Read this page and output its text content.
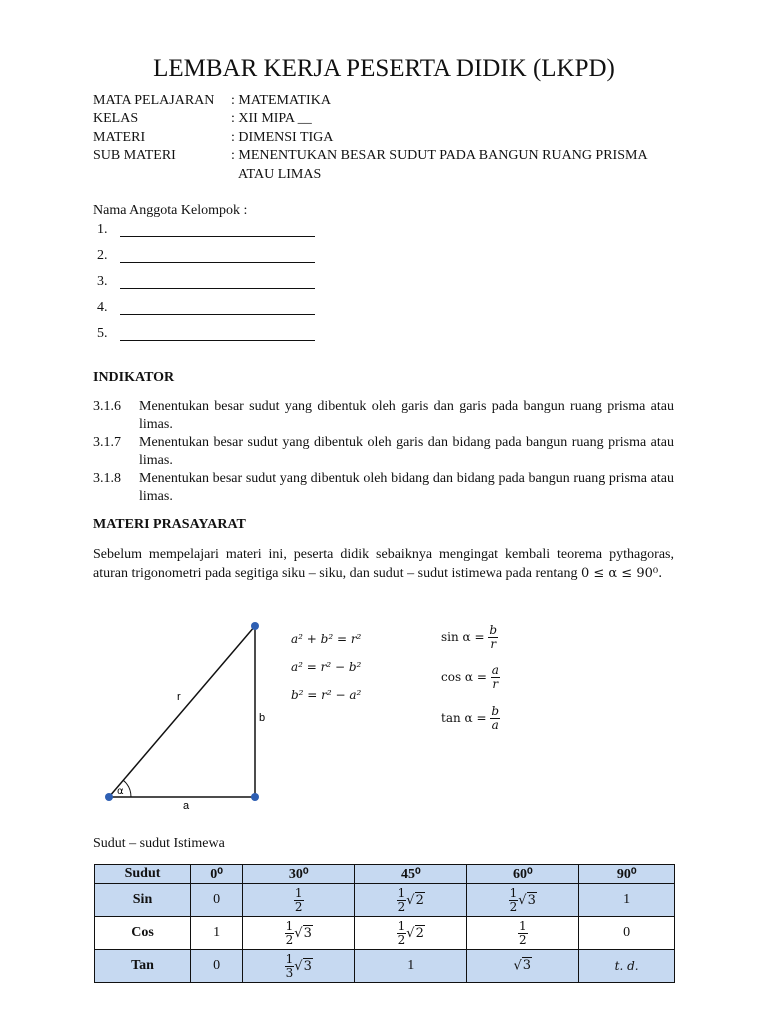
LEMBAR KERJA PESERTA DIDIK (LKPD)
MATA PELAJARAN : MATEMATIKA
KELAS	: XII MIPA __
MATERI	: DIMENSI TIGA
SUB MATERI	: MENENTUKAN BESAR SUDUT PADA BANGUN RUANG PRISMA
ATAU LIMAS
Nama Anggota Kelompok :
1.
2.
3.
4.
5.
INDIKATOR
3.1.6 Menentukan besar sudut yang dibentuk oleh garis dan garis pada bangun ruang prisma atau limas.
3.1.7 Menentukan besar sudut yang dibentuk oleh garis dan bidang pada bangun ruang prisma atau limas.
3.1.8 Menentukan besar sudut yang dibentuk oleh bidang dan bidang pada bangun ruang prisma atau limas.
MATERI PRASAYARAT
Sebelum mempelajari materi ini, peserta didik sebaiknya mengingat kembali teorema pythagoras, aturan trigonometri pada segitiga siku – siku, dan sudut – sudut istimewa pada rentang 0 ≤ α ≤ 90⁰.
r
b
a
α
a² + b² = r²
a² = r² − b²
b² = r² − a²
$\sin \alpha = \frac{b}{r}$
$\cos \alpha = \frac{a}{r}$
$\tan \alpha = \frac{b}{a}$
Sudut – sudut Istimewa
Sudut	0⁰	30⁰	45⁰	60⁰	90⁰
Sin	0	$\frac{1}{2}$	$\frac{1}{2} √2$	$\frac{1}{2} √3$	1
Cos	1	$\frac{1}{2} √3$	$\frac{1}{2} √2$	$\frac{1}{2}$	0
Tan	0	$\frac{1}{3} √3$	1	√3	t. d.
